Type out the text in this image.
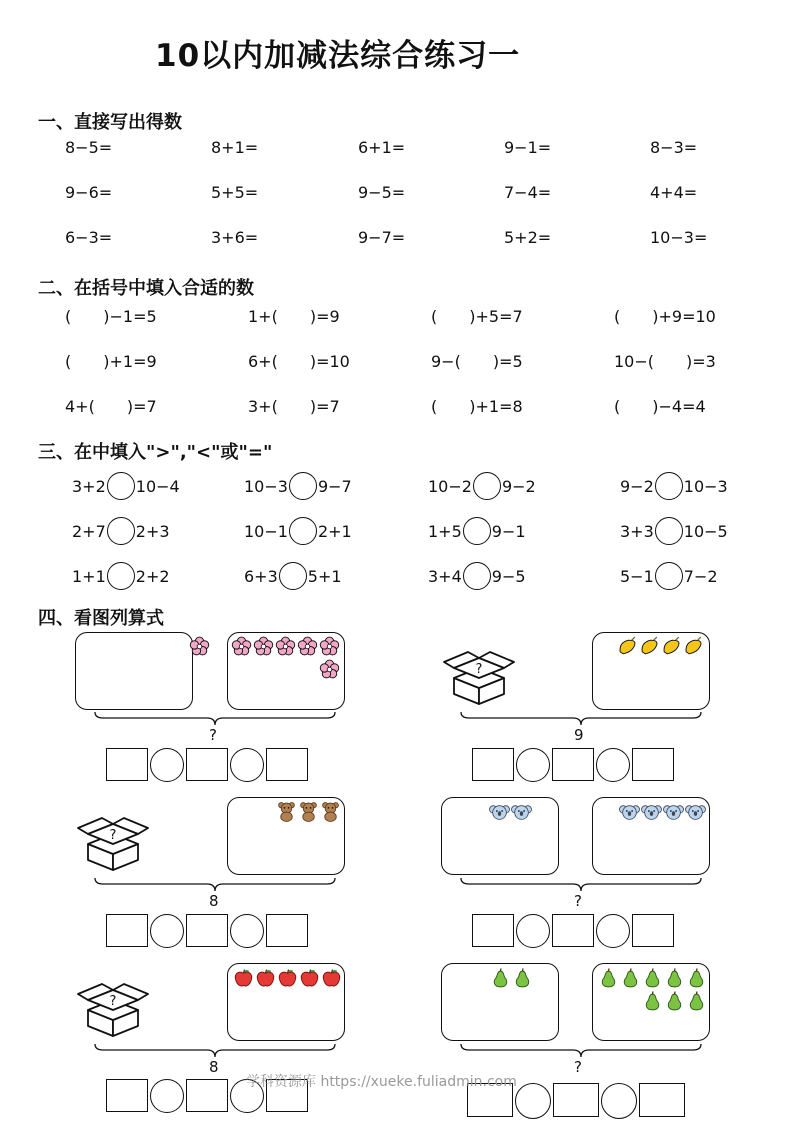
10以内加减法综合练习一
一、直接写出得数
二、在括号中填入合适的数
三、在中填入">","<"或"="
四、看图列算式
8−5=	8+1=	6+1=	9−1=	8−3=
9−6=	5+5=	9−5=	7−4=	4+4=
6−3=	3+6=	9−7=	5+2=	10−3=
(　　)−1=5	1+(　　)=9	(　　)+5=7	(　　)+9=10
(　　)+1=9	6+(　　)=10	9−(　　)=5	10−(　　)=3
4+(　　)=7	3+(　　)=7	(　　)+1=8	(　　)−4=4
3+2 10−4	10−3 9−7	10−2 9−2	9−2 10−3
2+7 2+3	10−1 2+1	1+5 9−1	3+3 10−5
1+1 2+2	6+3 5+1	3+4 9−5	5−1 7−2
?
?
?
?	9
8	?
8	?
学科资源库 https://xueke.fuliadmin.com
